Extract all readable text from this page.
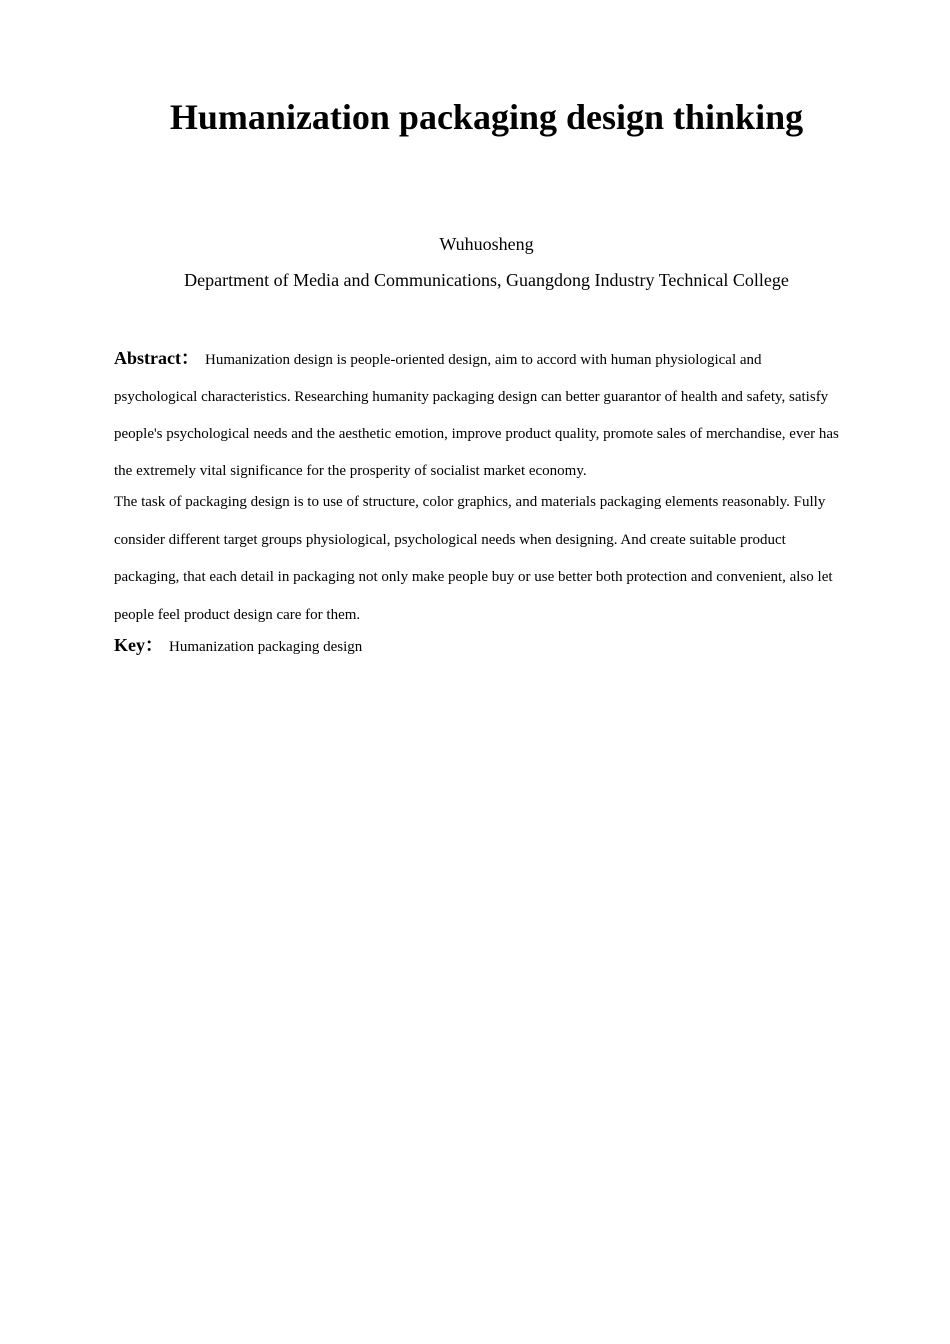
Humanization packaging design thinking
Wuhuosheng
Department of Media and Communications, Guangdong Industry Technical College
Abstract： Humanization design is people-oriented design, aim to accord with human physiological and psychological characteristics. Researching humanity packaging design can better guarantor of health and safety, satisfy people's psychological needs and the aesthetic emotion, improve product quality, promote sales of merchandise, ever has the extremely vital significance for the prosperity of socialist market economy.
The task of packaging design is to use of structure, color graphics, and materials packaging elements reasonably. Fully consider different target groups physiological, psychological needs when designing. And create suitable product packaging, that each detail in packaging not only make people buy or use better both protection and convenient, also let people feel product design care for them.
Key： Humanization packaging design
